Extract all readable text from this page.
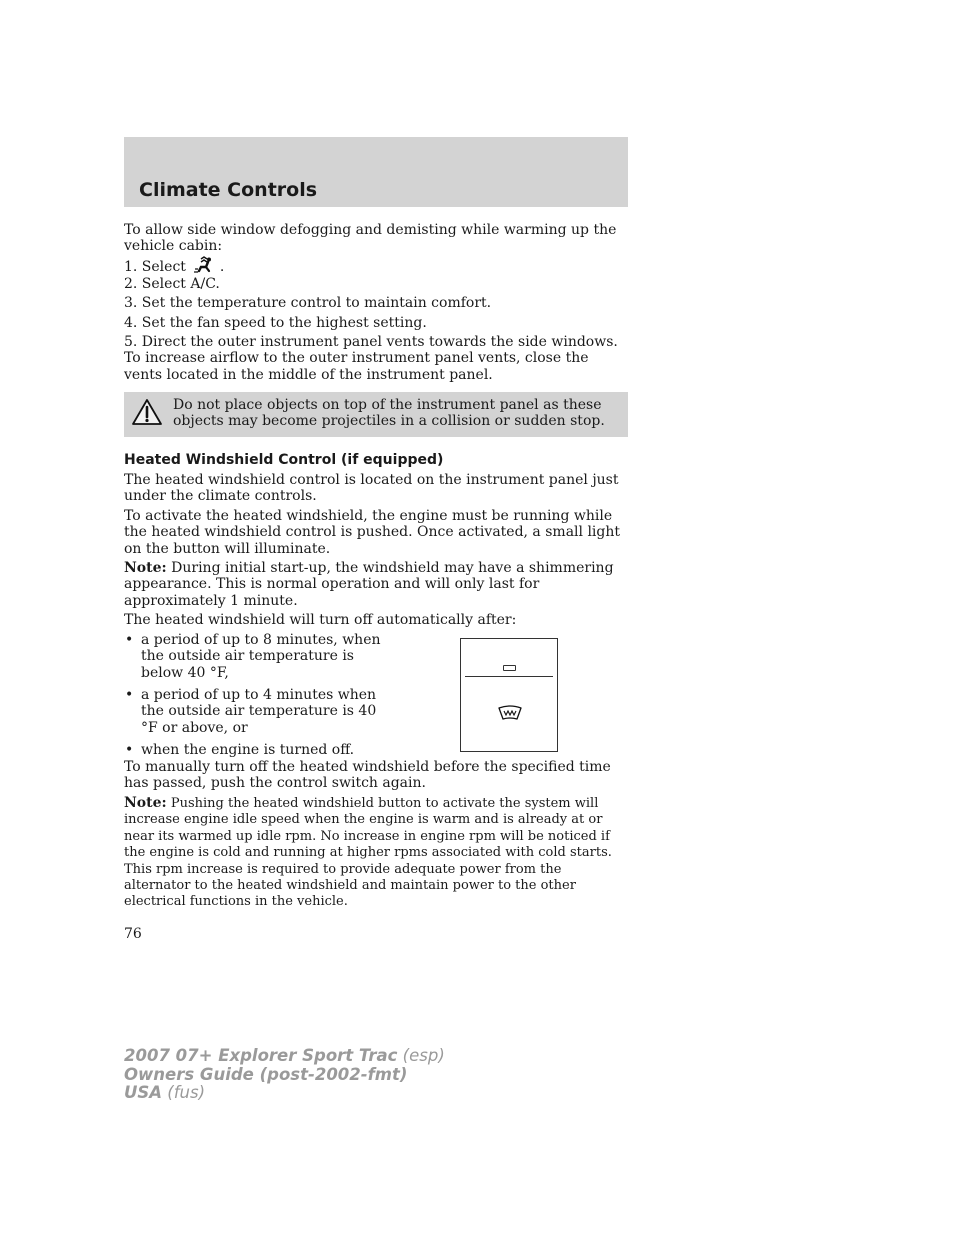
Climate Controls

To allow side window defogging and demisting while warming up the vehicle cabin:

1. Select .

2. Select A/C.

3. Set the temperature control to maintain comfort.

4. Set the fan speed to the highest setting.

5. Direct the outer instrument panel vents towards the side windows. To increase airflow to the outer instrument panel vents, close the vents located in the middle of the instrument panel.

Do not place objects on top of the instrument panel as these objects may become projectiles in a collision or sudden stop.

Heated Windshield Control (if equipped)

The heated windshield control is located on the instrument panel just under the climate controls.

To activate the heated windshield, the engine must be running while the heated windshield control is pushed. Once activated, a small light on the button will illuminate.

Note: During initial start-up, the windshield may have a shimmering appearance. This is normal operation and will only last for approximately 1 minute.

The heated windshield will turn off automatically after:

• a period of up to 8 minutes, when the outside air temperature is below 40 °F,
• a period of up to 4 minutes when the outside air temperature is 40 °F or above, or
• when the engine is turned off.

To manually turn off the heated windshield before the specified time has passed, push the control switch again.

Note: Pushing the heated windshield button to activate the system will increase engine idle speed when the engine is warm and is already at or near its warmed up idle rpm. No increase in engine rpm will be noticed if the engine is cold and running at higher rpms associated with cold starts. This rpm increase is required to provide adequate power from the alternator to the heated windshield and maintain power to the other electrical functions in the vehicle.

76

2007 07+ Explorer Sport Trac (esp)
Owners Guide (post-2002-fmt)
USA (fus)
